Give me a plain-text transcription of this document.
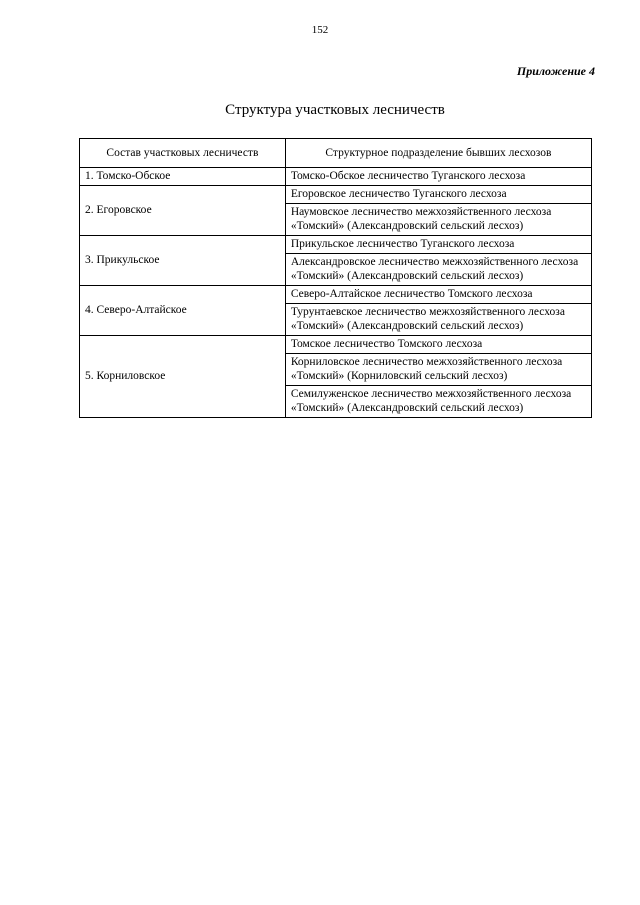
152
Приложение 4
Структура участковых лесничеств
Состав участковых лесничеств	Структурное подразделение бывших лесхозов
1. Томско-Обское	Томско-Обское лесничество Туганского лесхоза
2. Егоровское	Егоровское лесничество Туганского лесхоза
	Наумовское лесничество межхозяйственного лесхоза «Томский» (Александровский сельский лесхоз)
3. Прикульское	Прикульское лесничество Туганского лесхоза
	Александровское лесничество межхозяйственного лесхоза «Томский» (Александровский сельский лесхоз)
4. Северо-Алтайское	Северо-Алтайское лесничество Томского лесхоза
	Турунтаевское лесничество межхозяйственного лесхоза «Томский» (Александровский сельский лесхоз)
5. Корниловское	Томское лесничество Томского лесхоза
	Корниловское лесничество межхозяйственного лесхоза «Томский» (Корниловский сельский лесхоз)
	Семилуженское лесничество межхозяйственного лесхоза «Томский» (Александровский сельский лесхоз)
